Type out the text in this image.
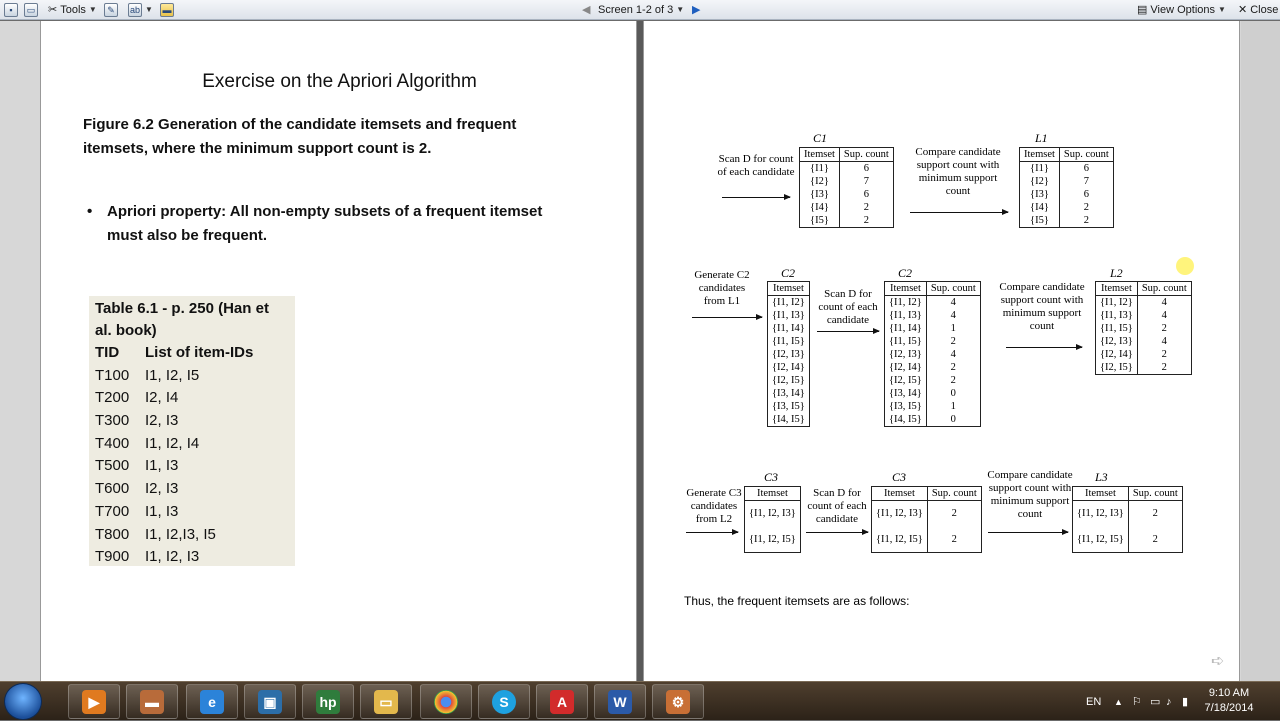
▪	▭ ✂ Tools ▼	✎	ab ▼ ▬	◀ Screen 1-2 of 3 ▼ ▶	▤ View Options ▼ ✕ Close
Exercise on the Apriori Algorithm
Figure 6.2 Generation of the candidate itemsets and frequent itemsets, where the minimum support count is 2.
• Apriori property: All non-empty subsets of a frequent itemset must also be frequent.
Table 6.1 - p. 250 (Han et al. book)
TID	List of item-IDs
T100	I1, I2, I5
T200	I2, I4
T300	I2, I3
T400	I1, I2, I4
T500	I1, I3
T600	I2, I3
T700	I1, I3
T800	I1, I2,I3, I5
T900	I1, I2, I3
Scan D for count of each candidate
C1
Itemset	Sup. count
{I1}	6
{I2}	7
{I3}	6
{I4}	2
{I5}	2
Compare candidate support count with minimum support count
L1
Itemset	Sup. count
{I1}	6
{I2}	7
{I3}	6
{I4}	2
{I5}	2
Generate C2 candidates from L1
C2
Itemset
{I1, I2}
{I1, I3}
{I1, I4}
{I1, I5}
{I2, I3}
{I2, I4}
{I2, I5}
{I3, I4}
{I3, I5}
{I4, I5}
Scan D for count of each candidate
C2
Itemset	Sup. count
{I1, I2}	4
{I1, I3}	4
{I1, I4}	1
{I1, I5}	2
{I2, I3}	4
{I2, I4}	2
{I2, I5}	2
{I3, I4}	0
{I3, I5}	1
{I4, I5}	0
Compare candidate support count with minimum support count
L2
Itemset	Sup. count
{I1, I2}	4
{I1, I3}	4
{I1, I5}	2
{I2, I3}	4
{I2, I4}	2
{I2, I5}	2
Generate C3 candidates from L2
C3
Itemset
{I1, I2, I3}
{I1, I2, I5}
Scan D for count of each candidate
C3
Itemset	Sup. count
{I1, I2, I3}	2
{I1, I2, I5}	2
Compare candidate support count with minimum support count
L3
Itemset	Sup. count
{I1, I2, I3}	2
{I1, I2, I5}	2
Thus, the frequent itemsets are as follows:
➪
▶	▬	e	▣	hp	▭	S	A	W	⚙	EN ▲ ⚐ ▭ ♪ ▮
9:10 AM
7/18/2014
